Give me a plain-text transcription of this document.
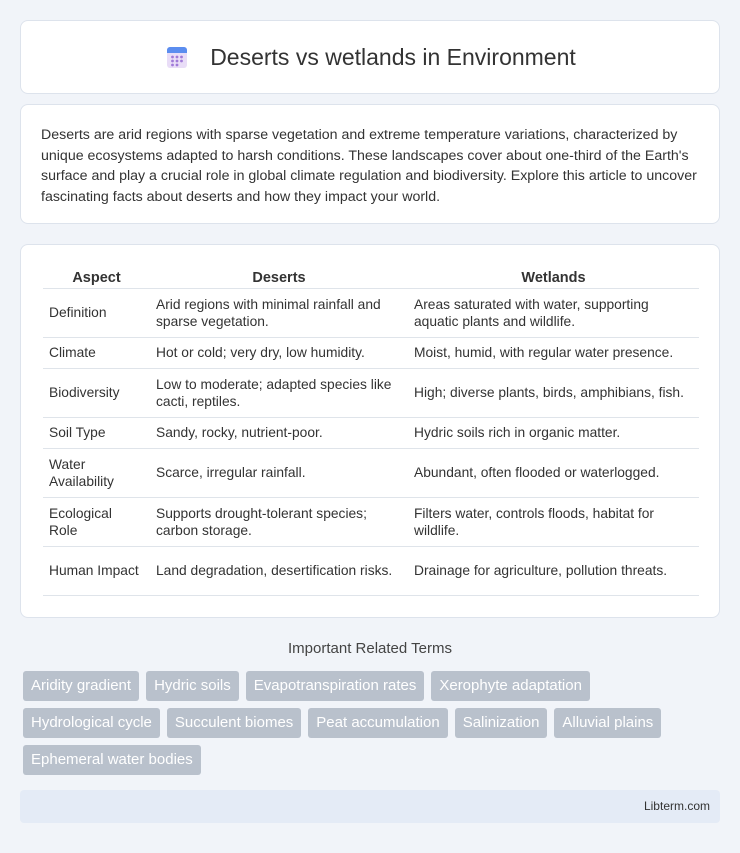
Deserts vs wetlands in Environment

Deserts are arid regions with sparse vegetation and extreme temperature variations, characterized by unique ecosystems adapted to harsh conditions. These landscapes cover about one-third of the Earth's surface and play a crucial role in global climate regulation and biodiversity. Explore this article to uncover fascinating facts about deserts and how they impact your world.

Aspect	Deserts	Wetlands
Definition	Arid regions with minimal rainfall and sparse vegetation.	Areas saturated with water, supporting aquatic plants and wildlife.
Climate	Hot or cold; very dry, low humidity.	Moist, humid, with regular water presence.
Biodiversity	Low to moderate; adapted species like cacti, reptiles.	High; diverse plants, birds, amphibians, fish.
Soil Type	Sandy, rocky, nutrient-poor.	Hydric soils rich in organic matter.
Water Availability	Scarce, irregular rainfall.	Abundant, often flooded or waterlogged.
Ecological Role	Supports drought-tolerant species; carbon storage.	Filters water, controls floods, habitat for wildlife.
Human Impact	Land degradation, desertification risks.	Drainage for agriculture, pollution threats.
Important Related Terms
Aridity gradient	Hydric soils	Evapotranspiration rates	Xerophyte adaptation
Hydrological cycle	Succulent biomes	Peat accumulation	Salinization	Alluvial plains
Ephemeral water bodies
Libterm.com
